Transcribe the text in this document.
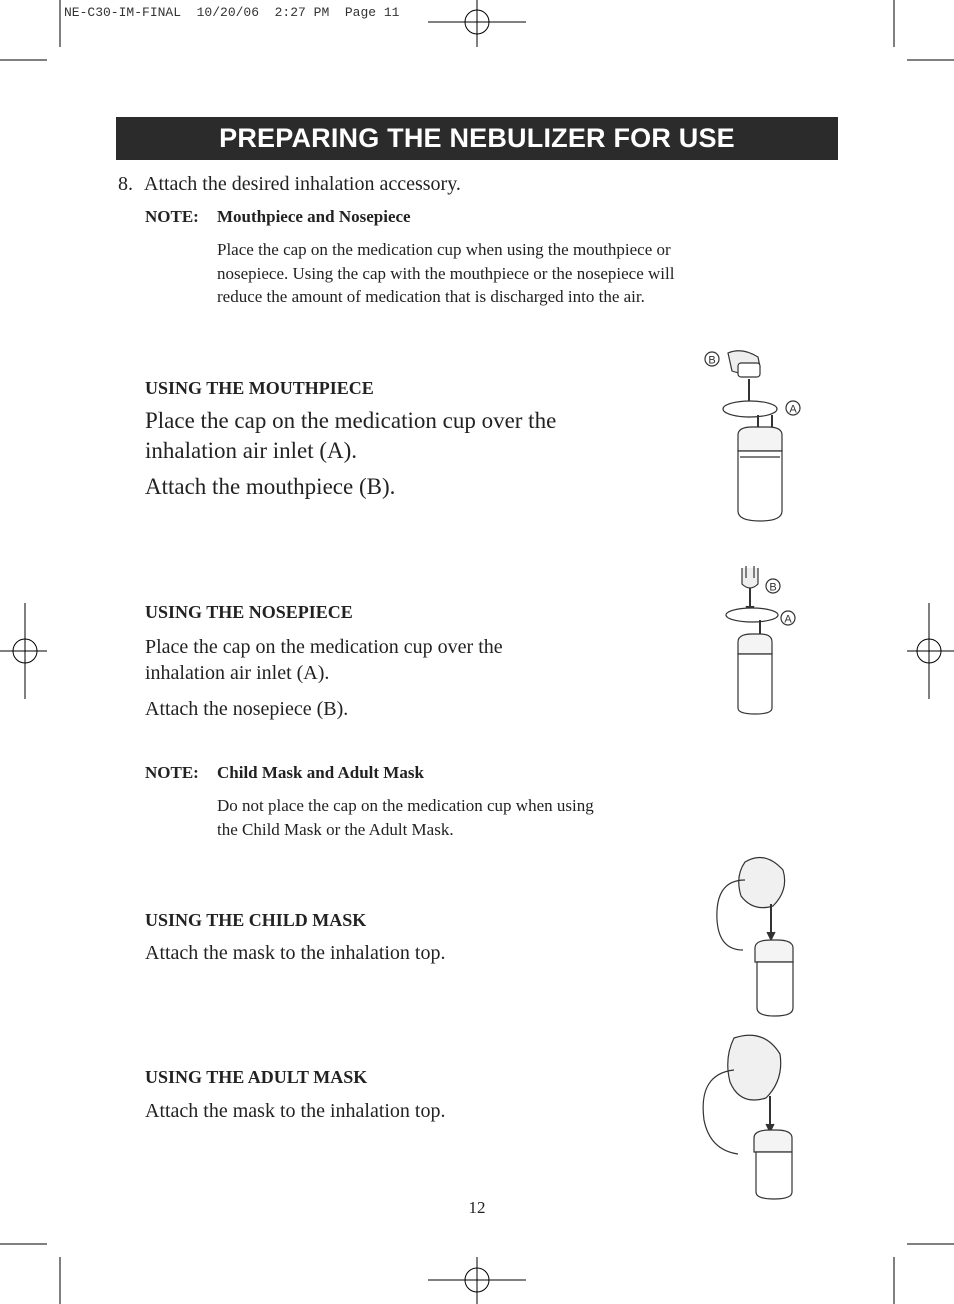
NE-C30-IM-FINAL  10/20/06  2:27 PM  Page 11
PREPARING THE NEBULIZER FOR USE
8. Attach the desired inhalation accessory.
NOTE: Mouthpiece and Nosepiece
Place the cap on the medication cup when using the mouthpiece or
nosepiece. Using the cap with the mouthpiece or the nosepiece will
reduce the amount of medication that is discharged into the air.
USING THE MOUTHPIECE
Place the cap on the medication cup over the
inhalation air inlet (A).
Attach the mouthpiece (B).
B
A
USING THE NOSEPIECE
Place the cap on the medication cup over the
inhalation air inlet (A).
Attach the nosepiece (B).
B
A
NOTE: Child Mask and Adult Mask
Do not place the cap on the medication cup when using
the Child Mask or the Adult Mask.
USING THE CHILD MASK
Attach the mask to the inhalation top.
USING THE ADULT MASK
Attach the mask to the inhalation top.
12
